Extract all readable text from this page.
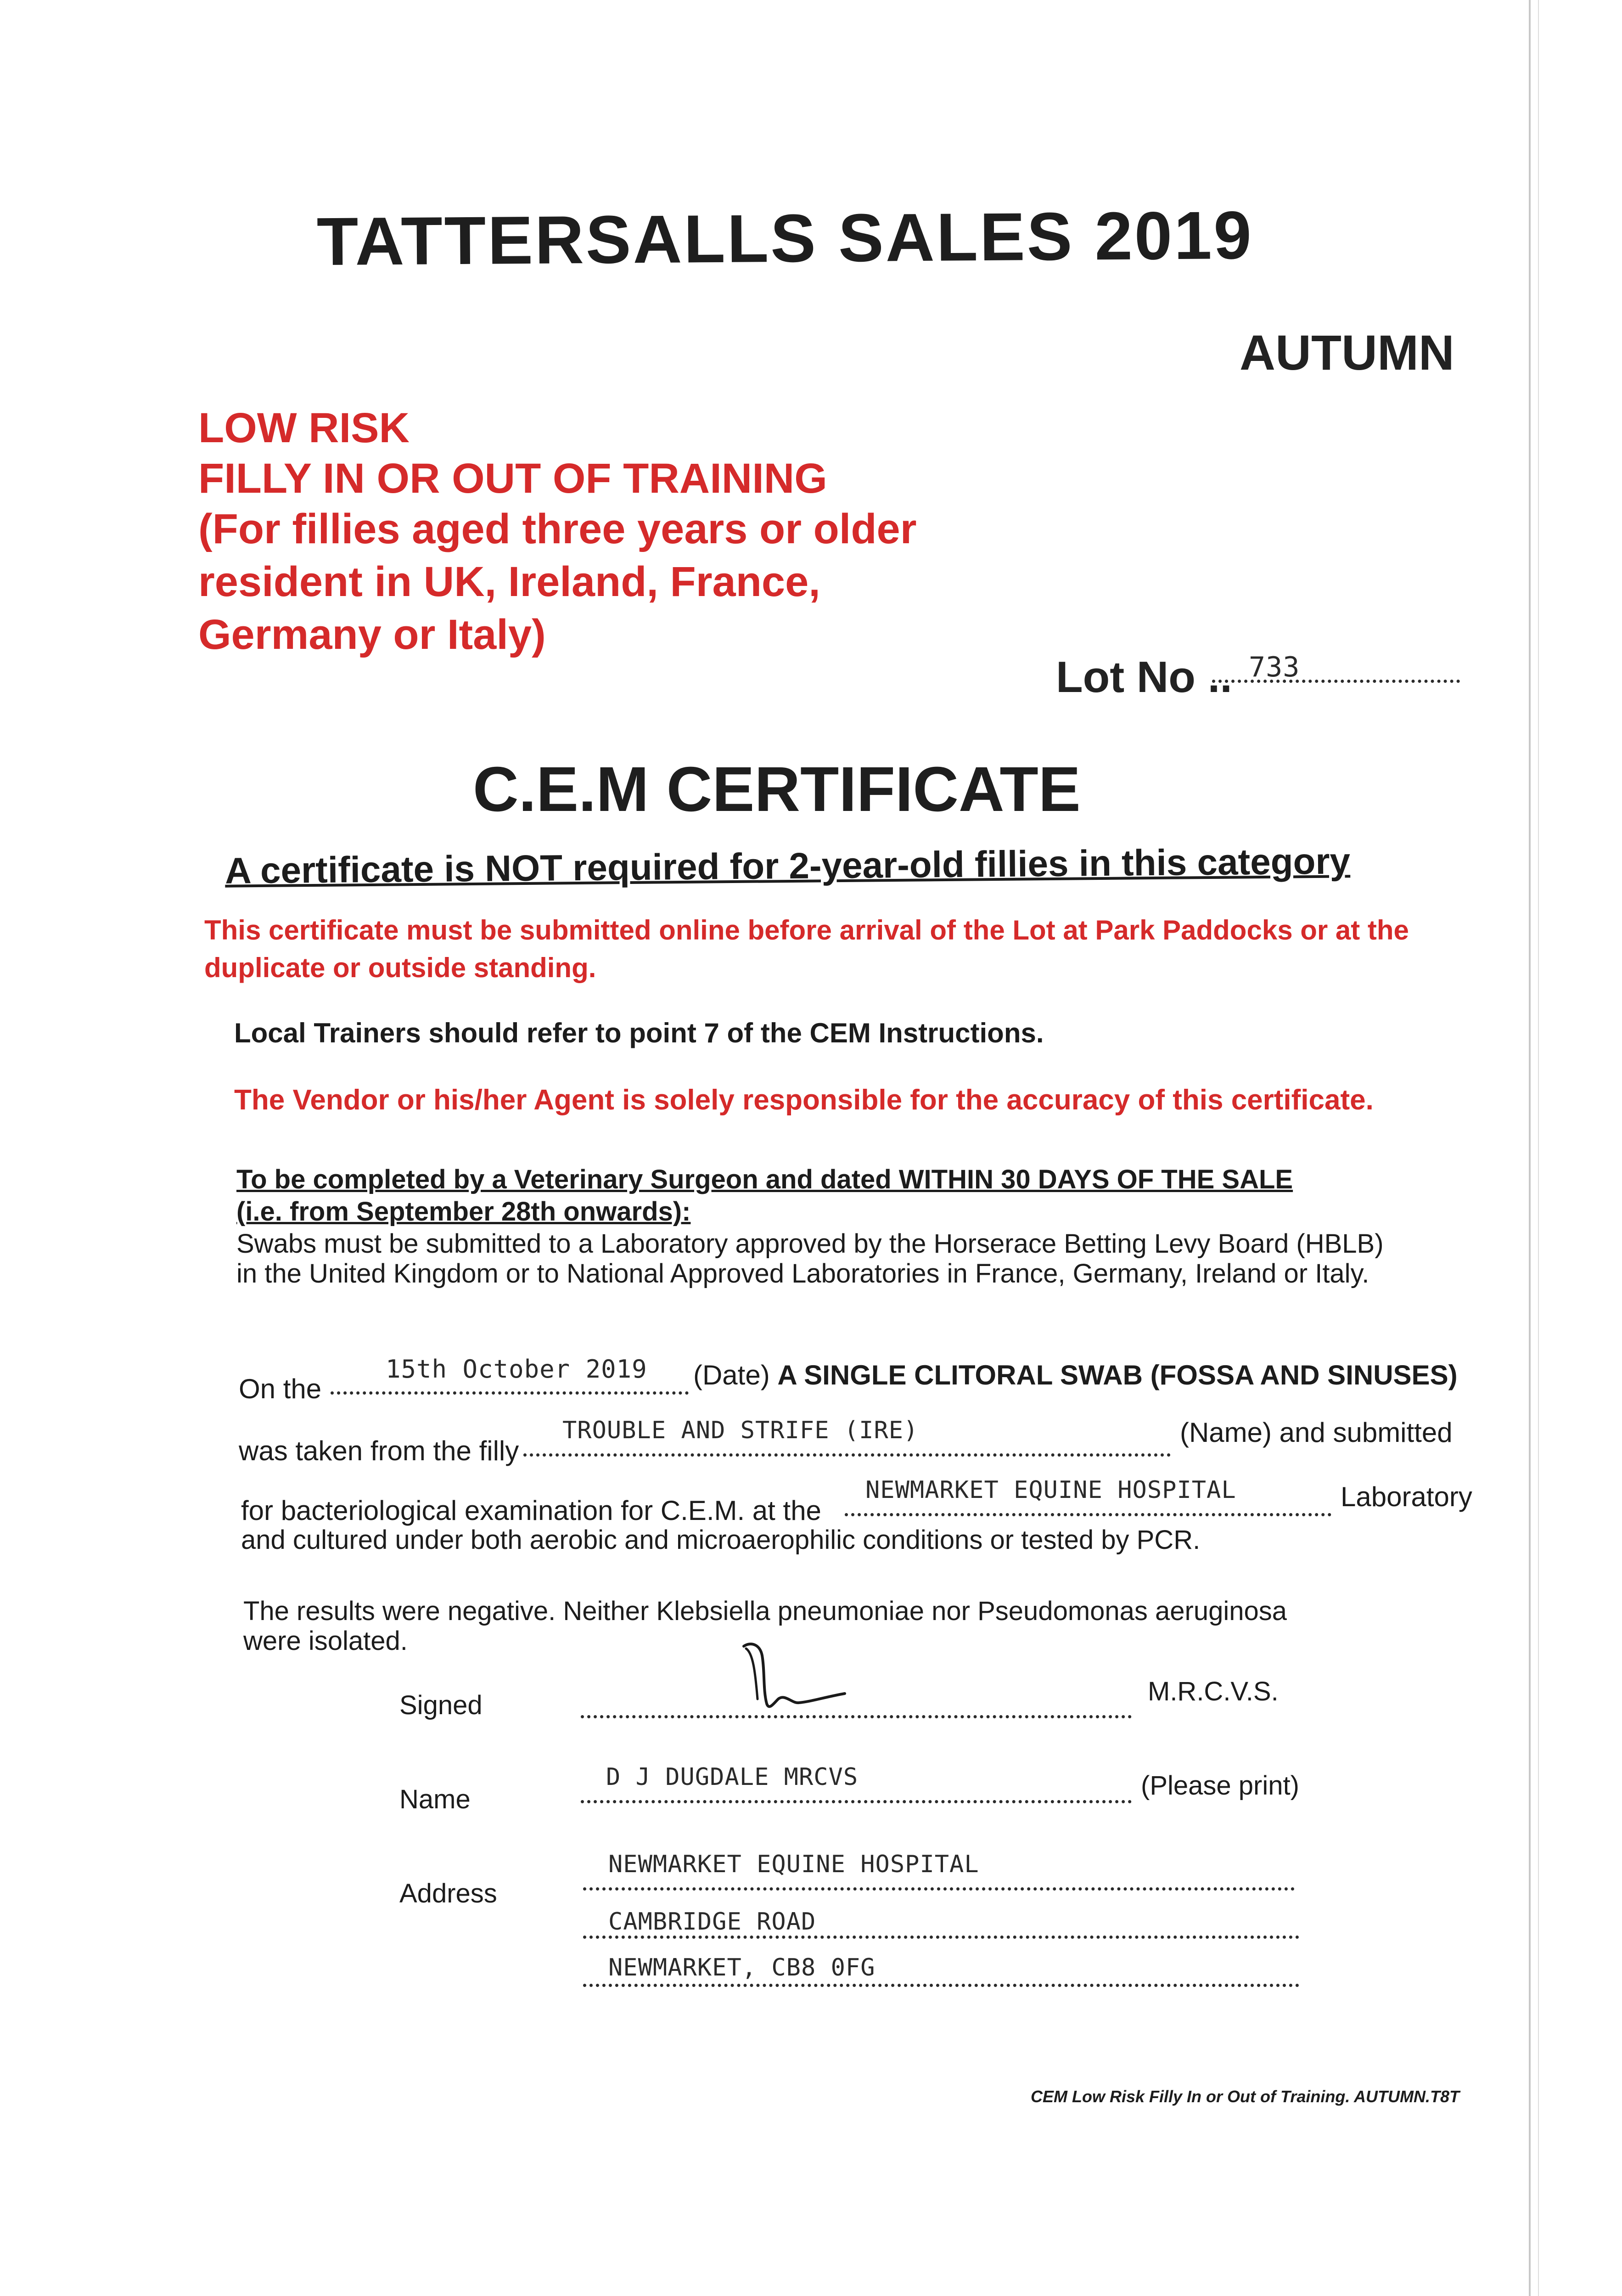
TATTERSALLS SALES 2019
AUTUMN
LOW RISK
FILLY IN OR OUT OF TRAINING
(For fillies aged three years or older
resident in UK, Ireland, France,
Germany or Italy)
Lot No .. 733
C.E.M CERTIFICATE
A certificate is NOT required for 2-year-old fillies in this category
This certificate must be submitted online before arrival of the Lot at Park Paddocks or at the duplicate or outside standing.
Local Trainers should refer to point 7 of the CEM Instructions.
The Vendor or his/her Agent is solely responsible for the accuracy of this certificate.
To be completed by a Veterinary Surgeon and dated WITHIN 30 DAYS OF THE SALE
(i.e. from September 28th onwards):
Swabs must be submitted to a Laboratory approved by the Horserace Betting Levy Board (HBLB)
in the United Kingdom or to National Approved Laboratories in France, Germany, Ireland or Italy.
On the
15th October 2019 (Date) A SINGLE CLITORAL SWAB (FOSSA AND SINUSES)
was taken from the filly
TROUBLE AND STRIFE (IRE)	(Name) and submitted
for bacteriological examination for C.E.M. at the
NEWMARKET EQUINE HOSPITAL	Laboratory
and cultured under both aerobic and microaerophilic conditions or tested by PCR.
The results were negative. Neither Klebsiella pneumoniae nor Pseudomonas aeruginosa
were isolated.
Signed	M.R.C.V.S.
Name
D J DUGDALE MRCVS	(Please print)
Address
NEWMARKET EQUINE HOSPITAL
CAMBRIDGE ROAD
NEWMARKET, CB8 0FG
CEM Low Risk Filly In or Out of Training. AUTUMN.T8T
